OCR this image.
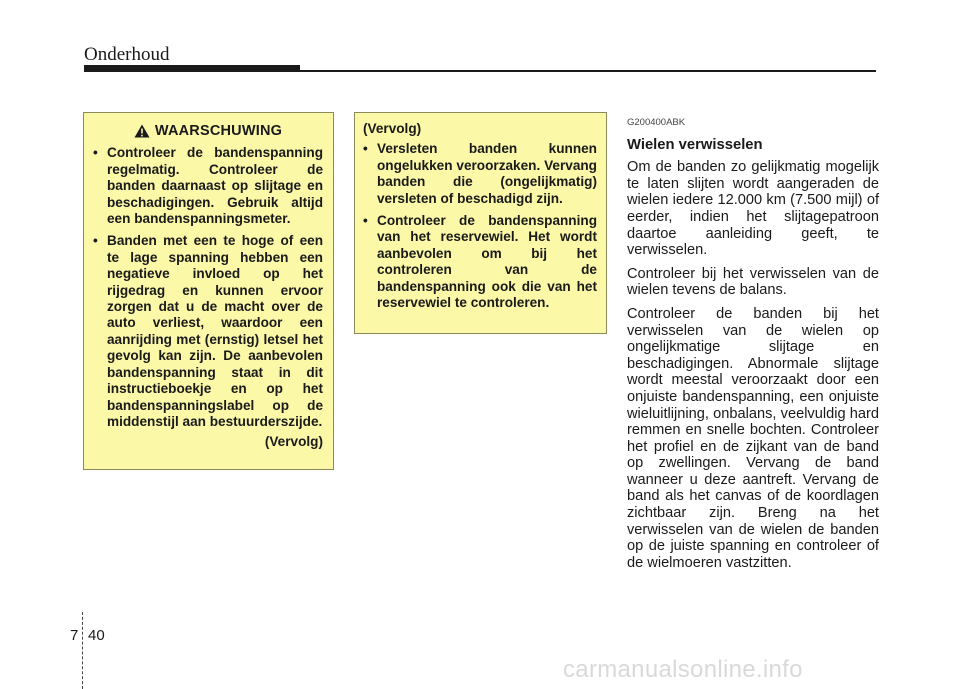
Onderhoud
WAARSCHUWING
• Controleer de bandenspanning regelmatig. Controleer de banden daarnaast op slijtage en beschadigingen. Gebruik altijd een bandenspanningsmeter.
• Banden met een te hoge of een te lage spanning hebben een negatieve invloed op het rijgedrag en kunnen ervoor zorgen dat u de macht over de auto verliest, waardoor een aanrijding met (ernstig) letsel het gevolg kan zijn. De aanbevolen bandenspanning staat in dit instructieboekje en op het bandenspanningslabel op de middenstijl aan bestuurderszijde.
(Vervolg)
(Vervolg)
• Versleten banden kunnen ongelukken veroorzaken. Vervang banden die (ongelijkmatig) versleten of beschadigd zijn.
• Controleer de bandenspanning van het reservewiel. Het wordt aanbevolen om bij het controleren van de bandenspanning ook die van het reservewiel te controleren.
G200400ABK
Wielen verwisselen

Om de banden zo gelijkmatig mogelijk te laten slijten wordt aangeraden de wielen iedere 12.000 km (7.500 mijl) of eerder, indien het slijtagepatroon daartoe aanleiding geeft, te verwisselen.

Controleer bij het verwisselen van de wielen tevens de balans.

Controleer de banden bij het verwisselen van de wielen op ongelijkmatige slijtage en beschadigingen. Abnormale slijtage wordt meestal veroorzaakt door een onjuiste bandenspanning, een onjuiste wieluitlijning, onbalans, veelvuldig hard remmen en snelle bochten. Controleer het profiel en de zijkant van de band op zwellingen. Vervang de band wanneer u deze aantreft. Vervang de band als het canvas of de koordlagen zichtbaar zijn. Breng na het verwisselen van de wielen de banden op de juiste spanning en controleer of de wielmoeren vastzitten.

7 40
carmanualsonline.info
